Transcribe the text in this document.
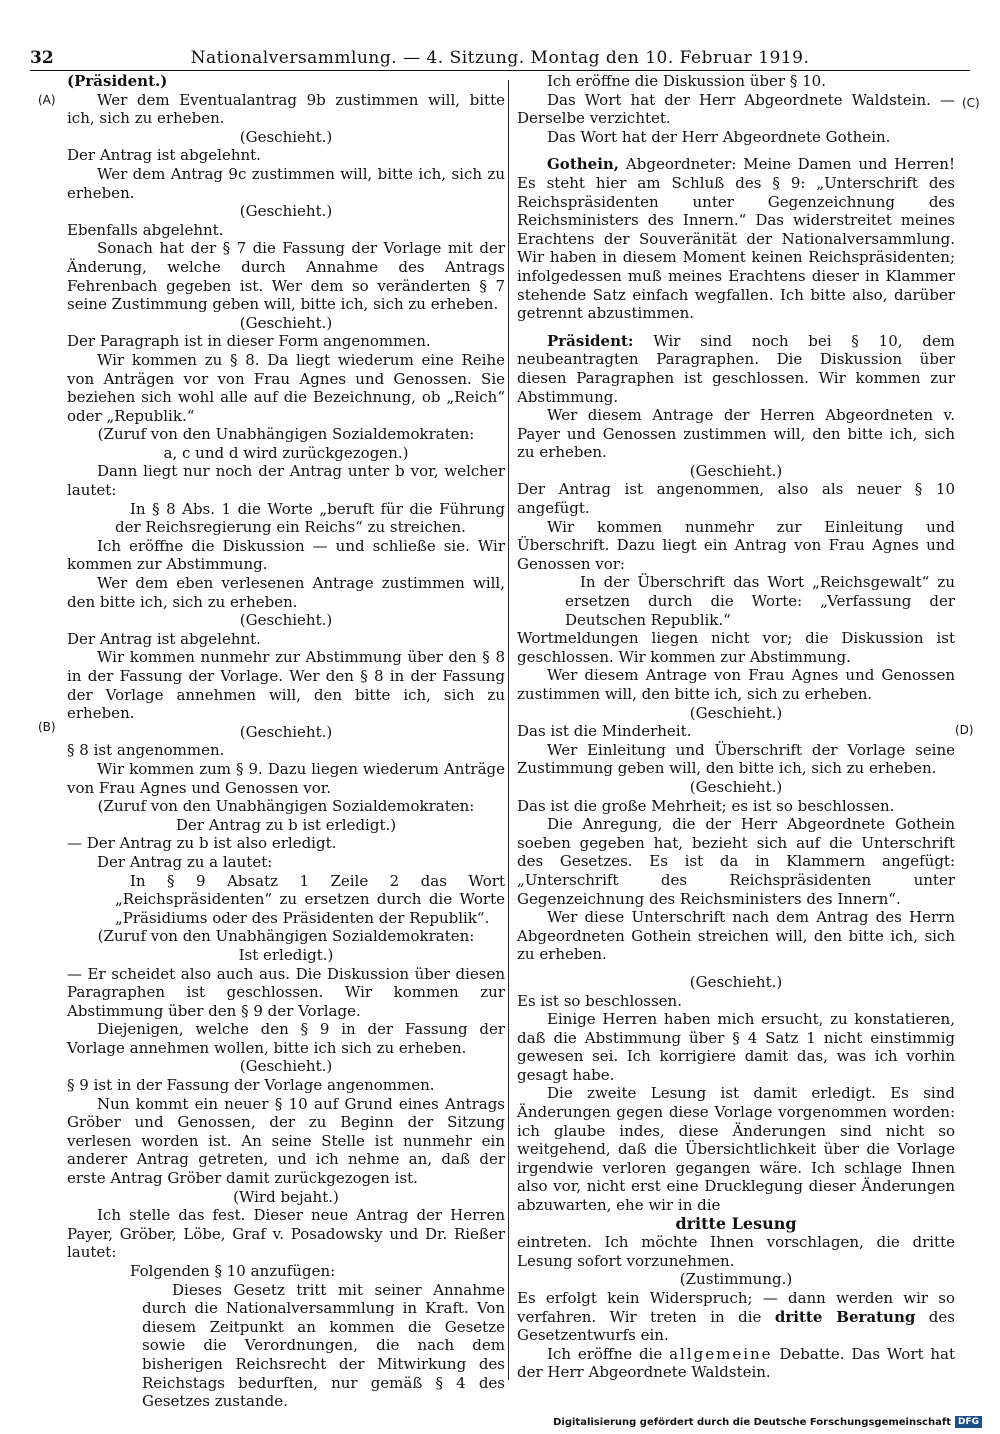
32	Nationalversammlung. — 4. Sitzung. Montag den 10. Februar 1919.
(A)
(B)
(C)
(D)

(Präsident.)

Wer dem Eventualantrag 9b zustimmen will, bitte ich, sich zu erheben.

(Geschieht.)

Der Antrag ist abgelehnt.

Wer dem Antrag 9c zustimmen will, bitte ich, sich zu erheben.

(Geschieht.)

Ebenfalls abgelehnt.

Sonach hat der § 7 die Fassung der Vorlage mit der Änderung, welche durch Annahme des Antrags Fehrenbach gegeben ist. Wer dem so veränderten § 7 seine Zustimmung geben will, bitte ich, sich zu erheben.

(Geschieht.)

Der Paragraph ist in dieser Form angenommen.

Wir kommen zu § 8. Da liegt wiederum eine Reihe von Anträgen vor von Frau Agnes und Genossen. Sie beziehen sich wohl alle auf die Bezeichnung, ob „Reich“ oder „Republik.“

(Zuruf von den Unabhängigen Sozialdemokraten:

a, c und d wird zurückgezogen.)

Dann liegt nur noch der Antrag unter b vor, welcher lautet:

In § 8 Abs. 1 die Worte „beruft für die Führung der Reichsregierung ein Reichs“ zu streichen.

Ich eröffne die Diskussion — und schließe sie. Wir kommen zur Abstimmung.

Wer dem eben verlesenen Antrage zustimmen will, den bitte ich, sich zu erheben.

(Geschieht.)

Der Antrag ist abgelehnt.

Wir kommen nunmehr zur Abstimmung über den § 8 in der Fassung der Vorlage. Wer den § 8 in der Fassung der Vorlage annehmen will, den bitte ich, sich zu erheben.

(Geschieht.)

§ 8 ist angenommen.

Wir kommen zum § 9. Dazu liegen wiederum Anträge von Frau Agnes und Genossen vor.

(Zuruf von den Unabhängigen Sozialdemokraten:

Der Antrag zu b ist erledigt.)

— Der Antrag zu b ist also erledigt.

Der Antrag zu a lautet:

In § 9 Absatz 1 Zeile 2 das Wort „Reichspräsidenten“ zu ersetzen durch die Worte „Präsidiums oder des Präsidenten der Republik“.

(Zuruf von den Unabhängigen Sozialdemokraten:

Ist erledigt.)

— Er scheidet also auch aus. Die Diskussion über diesen Paragraphen ist geschlossen. Wir kommen zur Abstimmung über den § 9 der Vorlage.

Diejenigen, welche den § 9 in der Fassung der Vorlage annehmen wollen, bitte ich sich zu erheben.

(Geschieht.)

§ 9 ist in der Fassung der Vorlage angenommen.

Nun kommt ein neuer § 10 auf Grund eines Antrags Gröber und Genossen, der zu Beginn der Sitzung verlesen worden ist. An seine Stelle ist nunmehr ein anderer Antrag getreten, und ich nehme an, daß der erste Antrag Gröber damit zurückgezogen ist.

(Wird bejaht.)

Ich stelle das fest. Dieser neue Antrag der Herren Payer, Gröber, Löbe, Graf v. Posadowsky und Dr. Rießer lautet:

Folgenden § 10 anzufügen:

Dieses Gesetz tritt mit seiner Annahme durch die Nationalversammlung in Kraft. Von diesem Zeitpunkt an kommen die Gesetze sowie die Verordnungen, die nach dem bisherigen Reichsrecht der Mitwirkung des Reichstags bedurften, nur gemäß § 4 des Gesetzes zustande.

Ich eröffne die Diskussion über § 10.

Das Wort hat der Herr Abgeordnete Waldstein. — Derselbe verzichtet.

Das Wort hat der Herr Abgeordnete Gothein.

Gothein, Abgeordneter: Meine Damen und Herren! Es steht hier am Schluß des § 9: „Unterschrift des Reichspräsidenten unter Gegenzeichnung des Reichsministers des Innern.“ Das widerstreitet meines Erachtens der Souveränität der Nationalversammlung. Wir haben in diesem Moment keinen Reichspräsidenten; infolgedessen muß meines Erachtens dieser in Klammer stehende Satz einfach wegfallen. Ich bitte also, darüber getrennt abzustimmen.

Präsident: Wir sind noch bei § 10, dem neubeantragten Paragraphen. Die Diskussion über diesen Paragraphen ist geschlossen. Wir kommen zur Abstimmung.

Wer diesem Antrage der Herren Abgeordneten v. Payer und Genossen zustimmen will, den bitte ich, sich zu erheben.

(Geschieht.)

Der Antrag ist angenommen, also als neuer § 10 angefügt.

Wir kommen nunmehr zur Einleitung und Überschrift. Dazu liegt ein Antrag von Frau Agnes und Genossen vor:

In der Überschrift das Wort „Reichsgewalt“ zu ersetzen durch die Worte: „Verfassung der Deutschen Republik.“

Wortmeldungen liegen nicht vor; die Diskussion ist geschlossen. Wir kommen zur Abstimmung.

Wer diesem Antrage von Frau Agnes und Genossen zustimmen will, den bitte ich, sich zu erheben.

(Geschieht.)

Das ist die Minderheit.

Wer Einleitung und Überschrift der Vorlage seine Zustimmung geben will, den bitte ich, sich zu erheben.

(Geschieht.)

Das ist die große Mehrheit; es ist so beschlossen.

Die Anregung, die der Herr Abgeordnete Gothein soeben gegeben hat, bezieht sich auf die Unterschrift des Gesetzes. Es ist da in Klammern angefügt: „Unterschrift des Reichspräsidenten unter Gegenzeichnung des Reichsministers des Innern“.

Wer diese Unterschrift nach dem Antrag des Herrn Abgeordneten Gothein streichen will, den bitte ich, sich zu erheben.

(Geschieht.)

Es ist so beschlossen.

Einige Herren haben mich ersucht, zu konstatieren, daß die Abstimmung über § 4 Satz 1 nicht einstimmig gewesen sei. Ich korrigiere damit das, was ich vorhin gesagt habe.

Die zweite Lesung ist damit erledigt. Es sind Änderungen gegen diese Vorlage vorgenommen worden: ich glaube indes, diese Änderungen sind nicht so weitgehend, daß die Übersichtlichkeit über die Vorlage irgendwie verloren gegangen wäre. Ich schlage Ihnen also vor, nicht erst eine Drucklegung dieser Änderungen abzuwarten, ehe wir in die

dritte Lesung

eintreten. Ich möchte Ihnen vorschlagen, die dritte Lesung sofort vorzunehmen.

(Zustimmung.)

Es erfolgt kein Widerspruch; — dann werden wir so verfahren. Wir treten in die dritte Beratung des Gesetzentwurfs ein.

Ich eröffne die allgemeine Debatte. Das Wort hat der Herr Abgeordnete Waldstein.

Digitalisierung gefördert durch die Deutsche Forschungsgemeinschaft DFG
